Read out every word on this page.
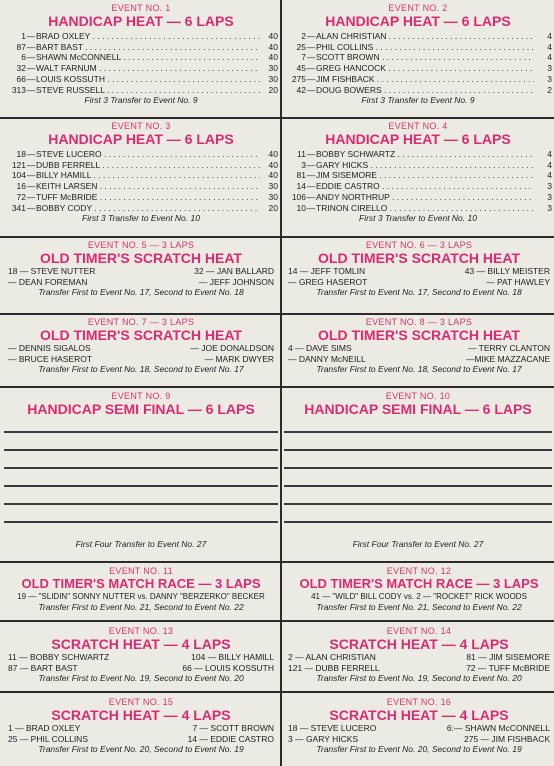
EVENT NO. 1
HANDICAP HEAT — 6 LAPS
1 — BRAD OXLEY . . .	40
87 — BART BAST . . .	40
6 — SHAWN McCONNELL . . .	40
32 — WALT FARNUM . . .	30
66 — LOUIS KOSSUTH . . .	30
313 — STEVE RUSSELL . . .	20
First 3 Transfer to Event No. 9
EVENT NO. 2
HANDICAP HEAT — 6 LAPS
2 — ALAN CHRISTIAN . . .	4
25 — PHIL COLLINS . . .	4
7 — SCOTT BROWN . . .	4
45 — GREG HANCOCK . . .	3
275 — JIM FISHBACK . . .	3
42 — DOUG BOWERS . . .	2
First 3 Transfer to Event No. 9
EVENT NO. 3
HANDICAP HEAT — 6 LAPS
18 — STEVE LUCERO . . .	40
121 — DUBB FERRELL . . .	40
104 — BILLY HAMILL . . .	40
16 — KEITH LARSEN . . .	30
72 — TUFF McBRIDE . . .	30
341 — BOBBY CODY . . .	20
First 3 Transfer to Event No. 10
EVENT NO. 4
HANDICAP HEAT — 6 LAPS
11 — BOBBY SCHWARTZ . . .	4
3 — GARY HICKS . . .	4
81 — JIM SISEMORE . . .	4
14 — EDDIE CASTRO . . .	3
106 — ANDY NORTHRUP . . .	3
10 — TRINON CIRELLO . . .	3
First 3 Transfer to Event No. 10
EVENT NO. 5 — 3 LAPS
OLD TIMER'S SCRATCH HEAT
18 — STEVE NUTTER	32 — JAN BALLARD
— DEAN FOREMAN	— JEFF JOHNSON
Transfer First to Event No. 17, Second to Event No. 18
EVENT NO. 6 — 3 LAPS
OLD TIMER'S SCRATCH HEAT
14 — JEFF TOMLIN	43 — BILLY MEISTER
— GREG HASEROT	— PAT HAWLEY
Transfer First to Event No. 17, Second to Event No. 18
EVENT NO. 7 — 3 LAPS
OLD TIMER'S SCRATCH HEAT
— DENNIS SIGALOS	— JOE DONALDSON
— BRUCE HASEROT	— MARK DWYER
Transfer First to Event No. 18, Second to Event No. 17
EVENT NO. 8 — 3 LAPS
OLD TIMER'S SCRATCH HEAT
4 — DAVE SIMS	— TERRY CLANTON
— DANNY McNEILL	—MIKE MAZZACANE
Transfer First to Event No. 18, Second to Event No. 17
EVENT NO. 9
HANDICAP SEMI FINAL — 6 LAPS
First Four Transfer to Event No. 27
EVENT NO. 10
HANDICAP SEMI FINAL — 6 LAPS
First Four Transfer to Event No. 27
EVENT NO. 11
OLD TIMER'S MATCH RACE — 3 LAPS
19 — "SLIDIN" SONNY NUTTER vs. DANNY "BERZERKO" BECKER
Transfer First to Event No. 21, Second to Event No. 22
EVENT NO. 12
OLD TIMER'S MATCH RACE — 3 LAPS
41 — "WILD" BILL CODY vs. 2 — "ROCKET" RICK WOODS
Transfer First to Event No. 21, Second to Event No. 22
EVENT NO. 13
SCRATCH HEAT — 4 LAPS
11 — BOBBY SCHWARTZ	104 — BILLY HAMILL
87 — BART BAST	66 — LOUIS KOSSUTH
Transfer First to Event No. 19, Second to Event No. 20
EVENT NO. 14
SCRATCH HEAT — 4 LAPS
2 — ALAN CHRISTIAN	81 — JIM SISEMORE
121 — DUBB FERRELL	72 — TUFF McBRIDE
Transfer First to Event No. 19, Second to Event No. 20
EVENT NO. 15
SCRATCH HEAT — 4 LAPS
1 — BRAD OXLEY	7 — SCOTT BROWN
25 — PHIL COLLINS	14 — EDDIE CASTRO
Transfer First to Event No. 20, Second to Event No. 19
EVENT NO. 16
SCRATCH HEAT — 4 LAPS
18 — STEVE LUCERO	6:— SHAWN McCONNELL
3 — GARY HICKS	275 — JIM FISHBACK
Transfer First to Event No. 20, Second to Event No. 19
